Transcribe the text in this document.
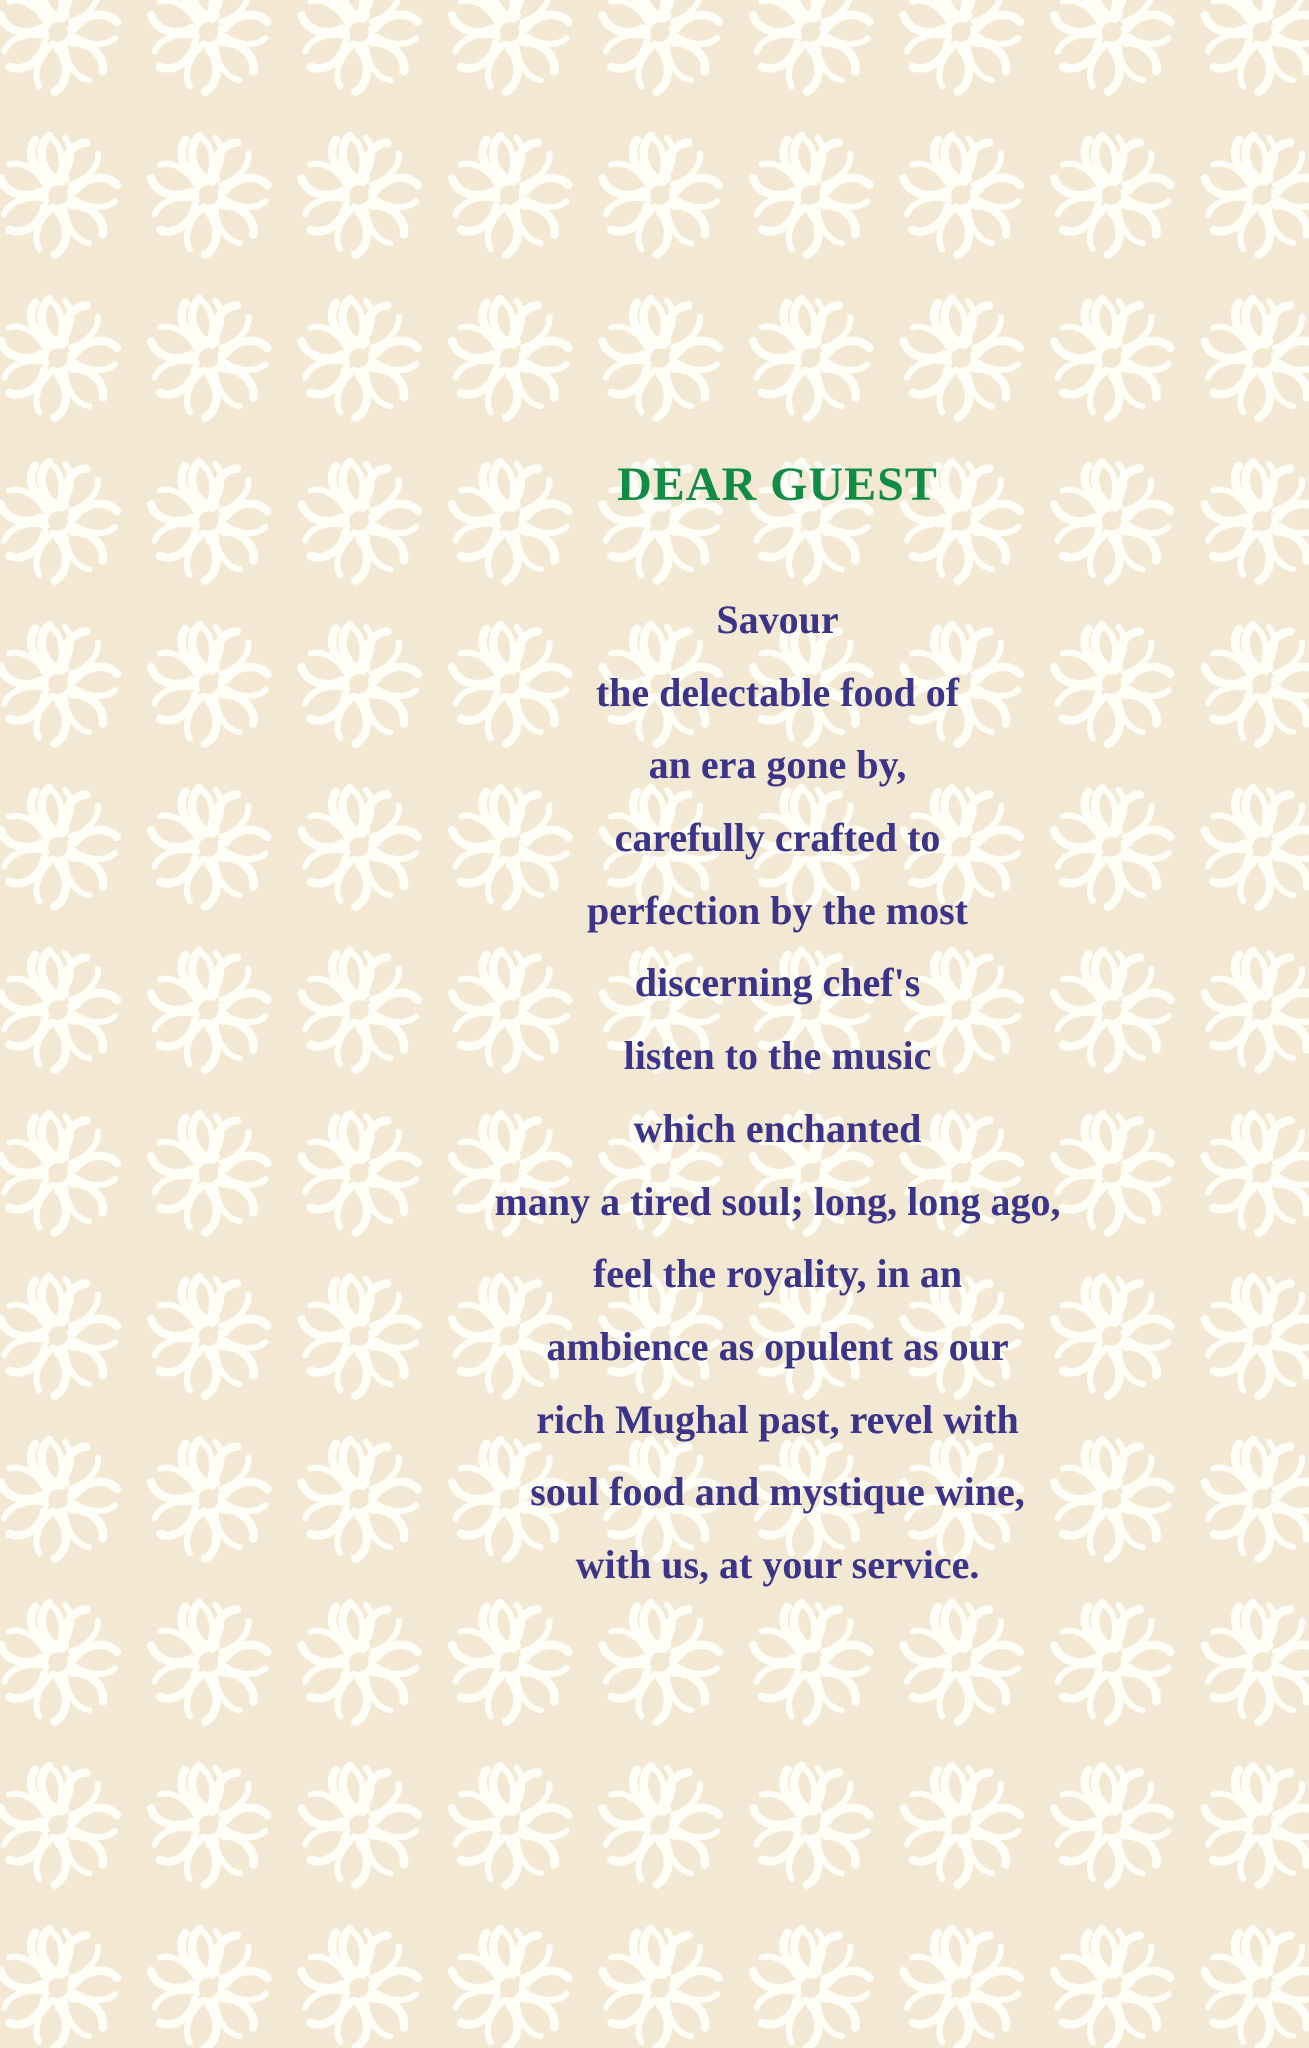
DEAR GUEST
Savour
the delectable food of
an era gone by,
carefully crafted to
perfection by the most
discerning chef's
listen to the music
which enchanted
many a tired soul; long, long ago,
feel the royality, in an
ambience as opulent as our
rich Mughal past, revel with
soul food and mystique wine,
with us, at your service.
